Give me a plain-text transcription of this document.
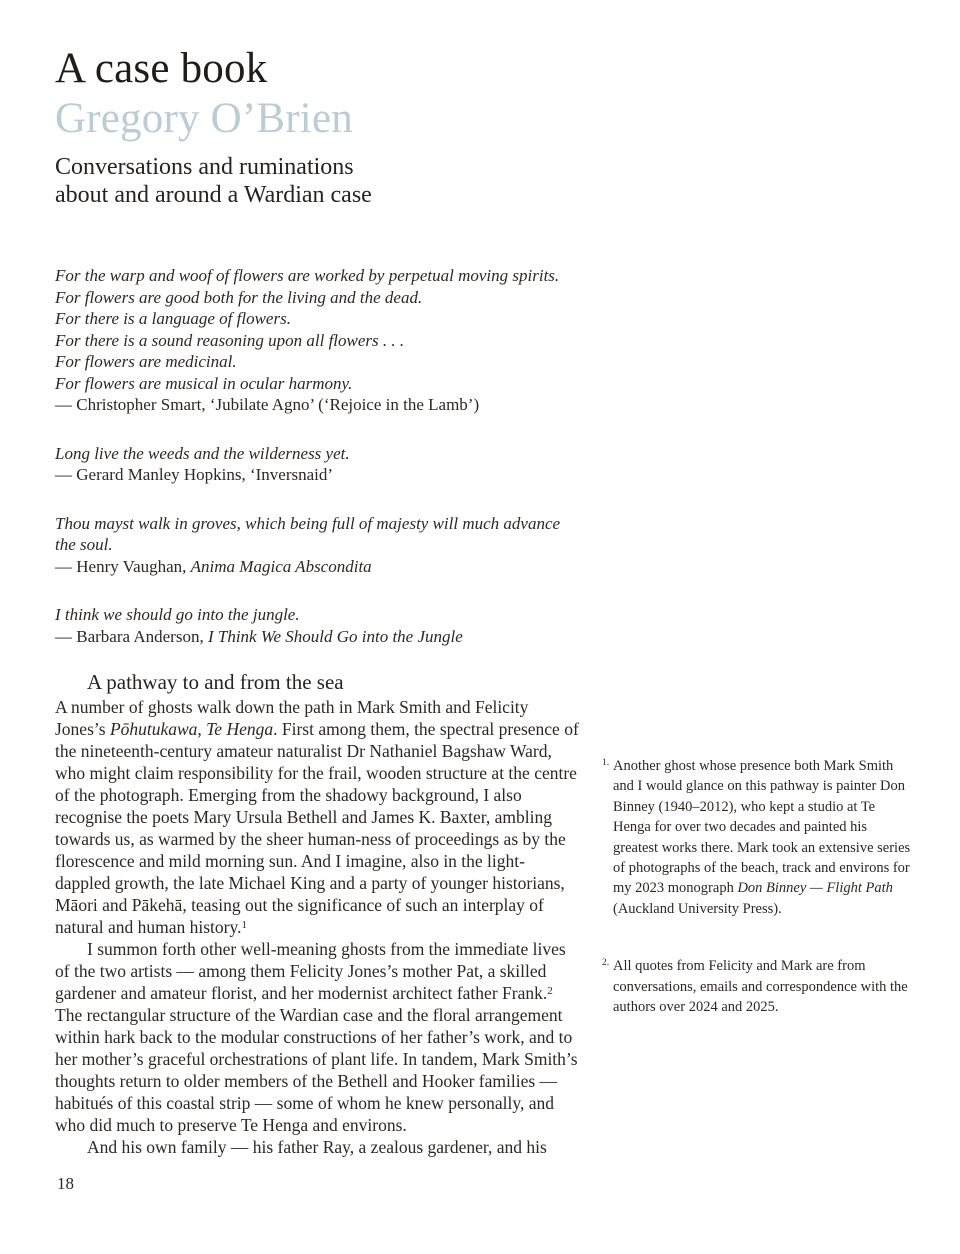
A case book
Gregory O’Brien
Conversations and ruminations
about and around a Wardian case
For the warp and woof of flowers are worked by perpetual moving spirits.
For flowers are good both for the living and the dead.
For there is a language of flowers.
For there is a sound reasoning upon all flowers . . .
For flowers are medicinal.
For flowers are musical in ocular harmony.
— Christopher Smart, ‘Jubilate Agno’ (‘Rejoice in the Lamb’)
Long live the weeds and the wilderness yet.
— Gerard Manley Hopkins, ‘Inversnaid’
Thou mayst walk in groves, which being full of majesty will much advance the soul.
— Henry Vaughan, Anima Magica Abscondita
I think we should go into the jungle.
— Barbara Anderson, I Think We Should Go into the Jungle
A pathway to and from the sea

A number of ghosts walk down the path in Mark Smith and Felicity Jones’s Pōhutukawa, Te Henga. First among them, the spectral presence of the nineteenth-century amateur naturalist Dr Nathaniel Bagshaw Ward, who might claim responsibility for the frail, wooden structure at the centre of the photograph. Emerging from the shadowy background, I also recognise the poets Mary Ursula Bethell and James K. Baxter, ambling towards us, as warmed by the sheer human-ness of proceedings as by the florescence and mild morning sun. And I imagine, also in the light-dappled growth, the late Michael King and a party of younger historians, Māori and Pākehā, teasing out the significance of such an interplay of natural and human history.$^1$

I summon forth other well-meaning ghosts from the immediate lives of the two artists — among them Felicity Jones’s mother Pat, a skilled gardener and amateur florist, and her modernist architect father Frank.$^2$ The rectangular structure of the Wardian case and the floral arrangement within hark back to the modular constructions of her father’s work, and to her mother’s graceful orchestrations of plant life. In tandem, Mark Smith’s thoughts return to older members of the Bethell and Hooker families — habitués of this coastal strip — some of whom he knew personally, and who did much to preserve Te Henga and environs.

And his own family — his father Ray, a zealous gardener, and his

1. Another ghost whose presence both Mark Smith and I would glance on this pathway is painter Don Binney (1940–2012), who kept a studio at Te Henga for over two decades and painted his greatest works there. Mark took an extensive series of photographs of the beach, track and environs for my 2023 monograph Don Binney — Flight Path (Auckland University Press).
2. All quotes from Felicity and Mark are from conversations, emails and correspondence with the authors over 2024 and 2025.
18
